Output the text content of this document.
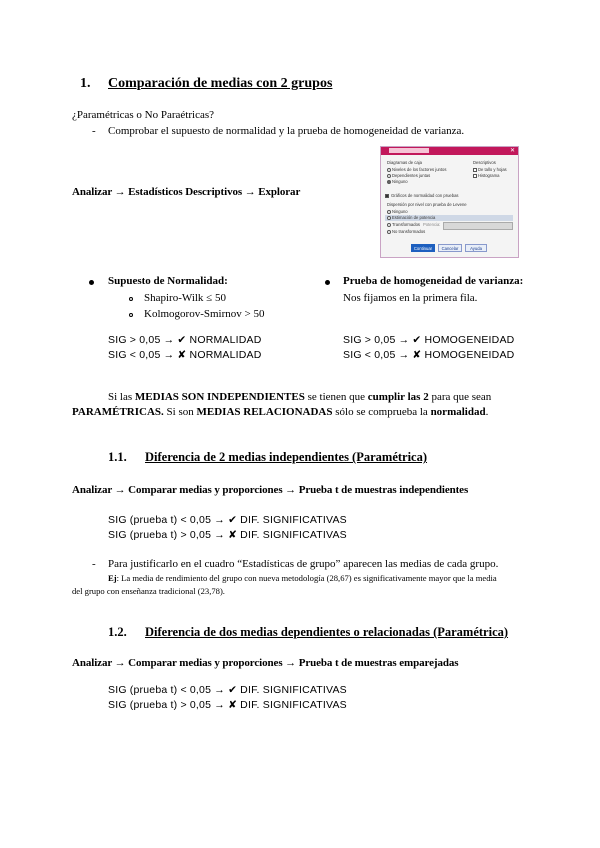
1. Comparación de medias con 2 grupos
¿Paramétricas o No Paraétricas?
- Comprobar el supuesto de normalidad y la prueba de homogeneidad de varianza.
Analizar → Estadísticos Descriptivos → Explorar
✕
Diagramas de caja
Niveles de los factores juntos
Dependientes juntas
Ninguno
Descriptivos
De tallo y hojas
Histograma
Gráficos de normalidad con pruebas
Dispersión por nivel con prueba de Levene
Ninguno
Estimación de potencia
Transformados Potencia:
No transformados
Continuar	Cancelar	Ayuda
Supuesto de Normalidad:
Shapiro-Wilk ≤ 50
Kolmogorov-Smirnov > 50
SIG > 0,05 → ✔ NORMALIDAD
SIG < 0,05 → ✘ NORMALIDAD
Prueba de homogeneidad de varianza:
Nos fijamos en la primera fila.
SIG > 0,05 → ✔ HOMOGENEIDAD
SIG < 0,05 → ✘ HOMOGENEIDAD
Si las MEDIAS SON INDEPENDIENTES se tienen que cumplir las 2 para que sean
PARAMÉTRICAS. Si son MEDIAS RELACIONADAS sólo se comprueba la normalidad.
1.1. Diferencia de 2 medias independientes (Paramétrica)
Analizar → Comparar medias y proporciones → Prueba t de muestras independientes
SIG (prueba t) < 0,05 → ✔ DIF. SIGNIFICATIVAS
SIG (prueba t) > 0,05 → ✘ DIF. SIGNIFICATIVAS
- Para justificarlo en el cuadro “Estadísticas de grupo” aparecen las medias de cada grupo.
Ej: La media de rendimiento del grupo con nueva metodología (28,67) es significativamente mayor que la media
del grupo con enseñanza tradicional (23,78).
1.2. Diferencia de dos medias dependientes o relacionadas (Paramétrica)
Analizar → Comparar medias y proporciones → Prueba t de muestras emparejadas
SIG (prueba t) < 0,05 → ✔ DIF. SIGNIFICATIVAS
SIG (prueba t) > 0,05 → ✘ DIF. SIGNIFICATIVAS
